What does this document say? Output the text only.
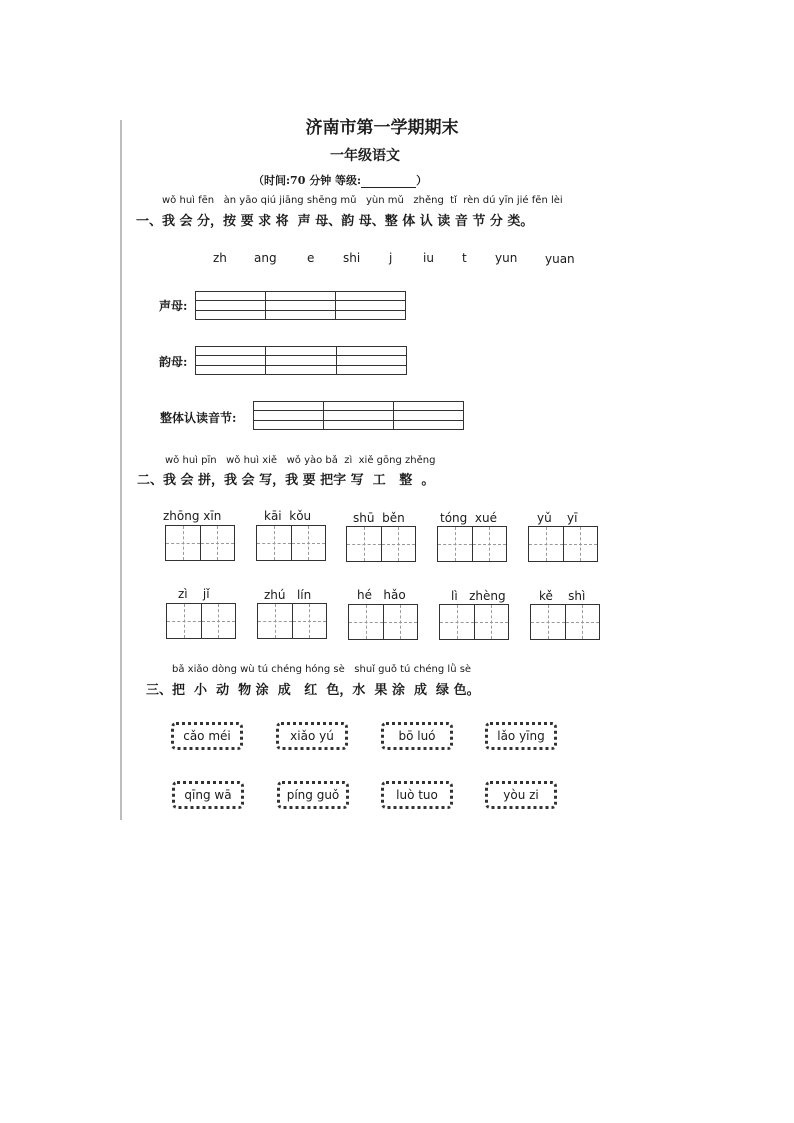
济南市第一学期期末
一年级语文
（时间:70 分钟 等级:	）
wǒ huì fēn   àn yāo qiú jiāng shēng mǔ   yùn mǔ   zhěng  tǐ  rèn dú yīn jié fēn lèi
一、我 会 分，按 要 求 将  声 母、韵 母、整 体 认 读 音 节 分 类。
zh ang	e shi j	iu t yun yuan
声母:
韵母:
整体认读音节:
wǒ huì pīn   wǒ huì xiě   wǒ yào bǎ  zì  xiě gōng zhěng
二、我 会 拼，我 会 写，我 要 把字 写  工   整  。
zhōng xīn	kāi  kǒu	shū  běn	tóng  xué	yǔ    yī
zì    jǐ	zhú   lín	hé   hǎo	lì   zhèng	kě    shì
bǎ xiǎo dòng wù tú chéng hóng sè   shuǐ guǒ tú chéng lǜ sè
三、把  小  动  物 涂  成   红  色，水  果 涂  成  绿 色。
cǎo méi	xiǎo yú	bō luó	lǎo yīng
qīng wā	píng guǒ	luò tuo	yòu zi
